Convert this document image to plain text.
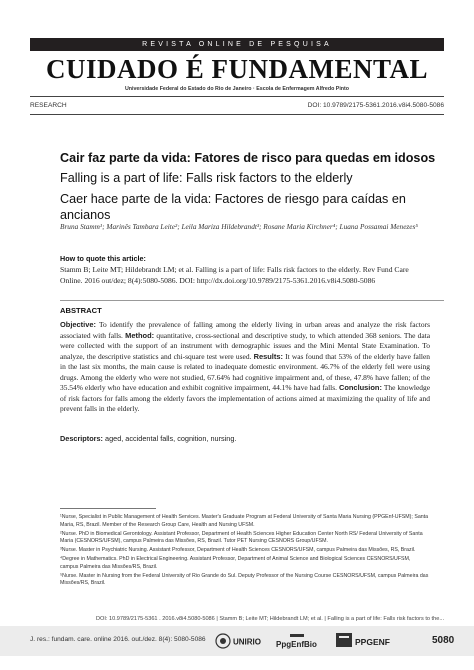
REVISTA ONLINE DE PESQUISA
CUIDADO É FUNDAMENTAL
Universidade Federal do Estado do Rio de Janeiro · Escola de Enfermagem Alfredo Pinto
RESEARCH	DOI: 10.9789/2175-5361.2016.v8i4.5080-5086
Cair faz parte da vida: Fatores de risco para quedas em idosos
Falling is a part of life: Falls risk factors to the elderly
Caer hace parte de la vida: Factores de riesgo para caídas en ancianos
Bruna Stamm¹; Marinês Tambara Leite²; Leila Mariza Hildebrandt³; Rosane Maria Kirchner⁴; Luana Possamai Menezes⁵
How to quote this article:
Stamm B; Leite MT; Hildebrandt LM; et al. Falling is a part of life: Falls risk factors to the elderly. Rev Fund Care Online. 2016 out/dez; 8(4):5080-5086. DOI: http://dx.doi.org/10.9789/2175-5361.2016.v8i4.5080-5086
ABSTRACT
Objective: To identify the prevalence of falling among the elderly living in urban areas and analyze the risk factors associated with falls. Method: quantitative, cross-sectional and descriptive study, to which attended 368 seniors. The data were collected with the support of an instrument with demographic issues and the Mini Mental State Examination. To analyze, the descriptive statistics and chi-square test were used. Results: It was found that 53% of the elderly have fallen in the last six months, the main cause is related to inadequate domestic environment. 46.7% of the elderly fell were using drugs. Among the elderly who were not studied, 67.64% had cognitive impairment and, of these, 47.8% have fallen; of the 35.54% elderly who have education and exhibit cognitive impairment, 44.1% have had falls. Conclusion: The knowledge of risk factors for falls among the elderly favors the implementation of actions aimed at maximizing the quality of life and prevent falls in the elderly.
Descriptors: aged, accidental falls, cognition, nursing.

¹Nurse, Specialist in Public Management of Health Services. Master's Graduate Program at Federal University of Santa Maria Nursing (PPGEnf-UFSM); Santa Maria, RS, Brazil. Member of the Research Group Care, Health and Nursing UFSM.

²Nurse. PhD in Biomedical Gerontology. Assistant Professor, Department of Health Sciences Higher Education Center North RS/ Federal University of Santa Maria (CESNORS/UFSM), campus Palmeira das Missões, RS, Brazil. Tutor PET Nursing CESNORS Group/UFSM.

³Nurse. Master in Psychiatric Nursing. Assistant Professor, Department of Health Sciences CESNORS/UFSM, campus Palmeira das Missões, RS, Brazil.

⁴Degree in Mathematics. PhD in Electrical Engineering. Assistant Professor, Department of Animal Science and Biological Sciences CESNORS/UFSM, campus Palmeira das Missões/RS, Brazil.

⁵Nurse. Master in Nursing from the Federal University of Rio Grande do Sul. Deputy Professor of the Nursing Course CESNORS/UFSM, campus Palmeira das Missões/RS, Brazil.

DOI: 10.9789/2175-5361 . 2016.v8i4.5080-5086 | Stamm B; Leite MT; Hildebrandt LM; et al. | Falling is a part of life: Falls risk factors to the...
J. res.: fundam. care. online 2016. out./dez. 8(4): 5080-5086	UNIRIO PpgEnfBio	PPGENF	5080
